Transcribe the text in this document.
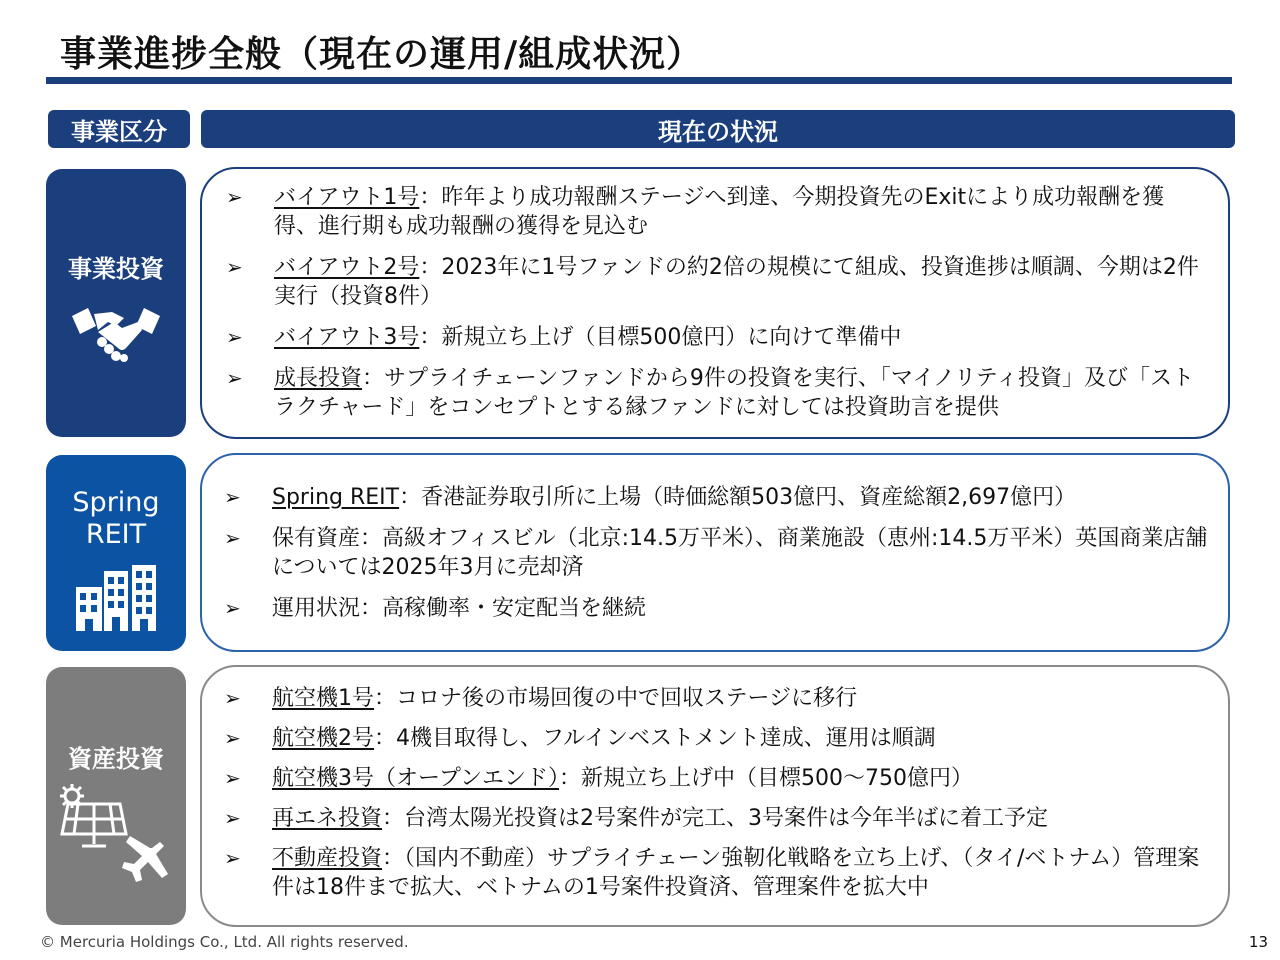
事業進捗全般（現在の運用/組成状況）
事業区分	現在の状況
事業投資
➢ バイアウト1号：昨年より成功報酬ステージへ到達、今期投資先のExitにより成功報酬を獲得、進行期も成功報酬の獲得を見込む
➢ バイアウト2号：2023年に1号ファンドの約2倍の規模にて組成、投資進捗は順調、今期は2件実行（投資8件）
➢ バイアウト3号：新規立ち上げ（目標500億円）に向けて準備中
➢ 成長投資：サプライチェーンファンドから9件の投資を実行、「マイノリティ投資」及び「ストラクチャード」をコンセプトとする縁ファンドに対しては投資助言を提供
Spring
REIT
➢ Spring REIT：香港証券取引所に上場（時価総額503億円、資産総額2,697億円）
➢ 保有資産：高級オフィスビル（北京:14.5万平米）、商業施設（恵州:14.5万平米）英国商業店舗については2025年3月に売却済
➢ 運用状況：高稼働率・安定配当を継続
資産投資
➢ 航空機1号：コロナ後の市場回復の中で回収ステージに移行
➢ 航空機2号：4機目取得し、フルインベストメント達成、運用は順調
➢ 航空機3号（オープンエンド）：新規立ち上げ中（目標500～750億円）
➢ 再エネ投資：台湾太陽光投資は2号案件が完工、3号案件は今年半ばに着工予定
➢ 不動産投資：（国内不動産）サプライチェーン強靭化戦略を立ち上げ、（タイ/ベトナム）管理案件は18件まで拡大、ベトナムの1号案件投資済、管理案件を拡大中
© Mercuria Holdings Co., Ltd. All rights reserved.	13
